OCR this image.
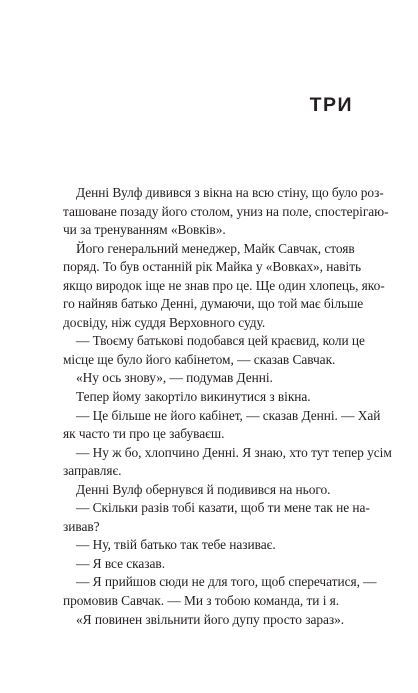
ТРИ
Денні Вулф дивився з вікна на всю стіну, що було роз-
ташоване позаду його столом, униз на поле, спостерігаю-
чи за тренуванням «Вовків».
Його генеральний менеджер, Майк Савчак, стояв
поряд. То був останній рік Майка у «Вовках», навіть
якщо виродок іще не знав про це. Ще один хлопець, яко-
го найняв батько Денні, думаючи, що той має більше
досвіду, ніж суддя Верховного суду.
— Твоєму батькові подобався цей краєвид, коли це
місце ще було його кабінетом, — сказав Савчак.
«Ну ось знову», — подумав Денні.
Тепер йому закортіло викинутися з вікна.
— Це більше не його кабінет, — сказав Денні. — Хай
як часто ти про це забуваєш.
— Ну ж бо, хлопчино Денні. Я знаю, хто тут тепер усім
заправляє.
Денні Вулф обернувся й подивився на нього.
— Скільки разів тобі казати, щоб ти мене так не на-
зивав?
— Ну, твій батько так тебе називає.
— Я все сказав.
— Я прийшов сюди не для того, щоб сперечатися, —
промовив Савчак. — Ми з тобою команда, ти і я.
«Я повинен звільнити його дупу просто зараз».
